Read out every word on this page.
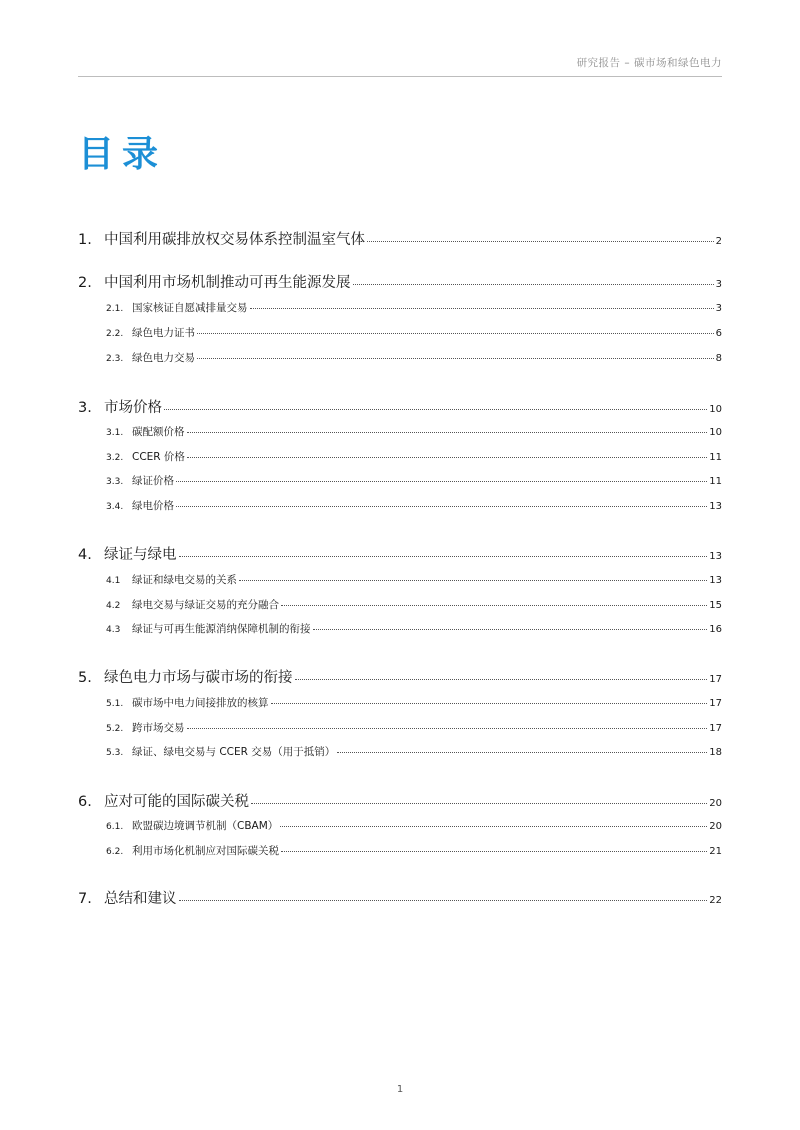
研究报告 – 碳市场和绿色电力
目录
1. 中国利用碳排放权交易体系控制温室气体	2
2. 中国利用市场机制推动可再生能源发展	3
2.1. 国家核证自愿减排量交易	3
2.2. 绿色电力证书	6
2.3. 绿色电力交易	8
3. 市场价格	10
3.1. 碳配额价格	10
3.2. CCER 价格	11
3.3. 绿证价格	11
3.4. 绿电价格	13
4. 绿证与绿电	13
4.1	绿证和绿电交易的关系	13
4.2	绿电交易与绿证交易的充分融合	15
4.3	绿证与可再生能源消纳保障机制的衔接	16
5. 绿色电力市场与碳市场的衔接	17
5.1. 碳市场中电力间接排放的核算	17
5.2. 跨市场交易	17
5.3. 绿证、绿电交易与 CCER 交易（用于抵销）	18
6. 应对可能的国际碳关税	20
6.1. 欧盟碳边境调节机制（CBAM）	20
6.2. 利用市场化机制应对国际碳关税	21
7. 总结和建议	22
1
